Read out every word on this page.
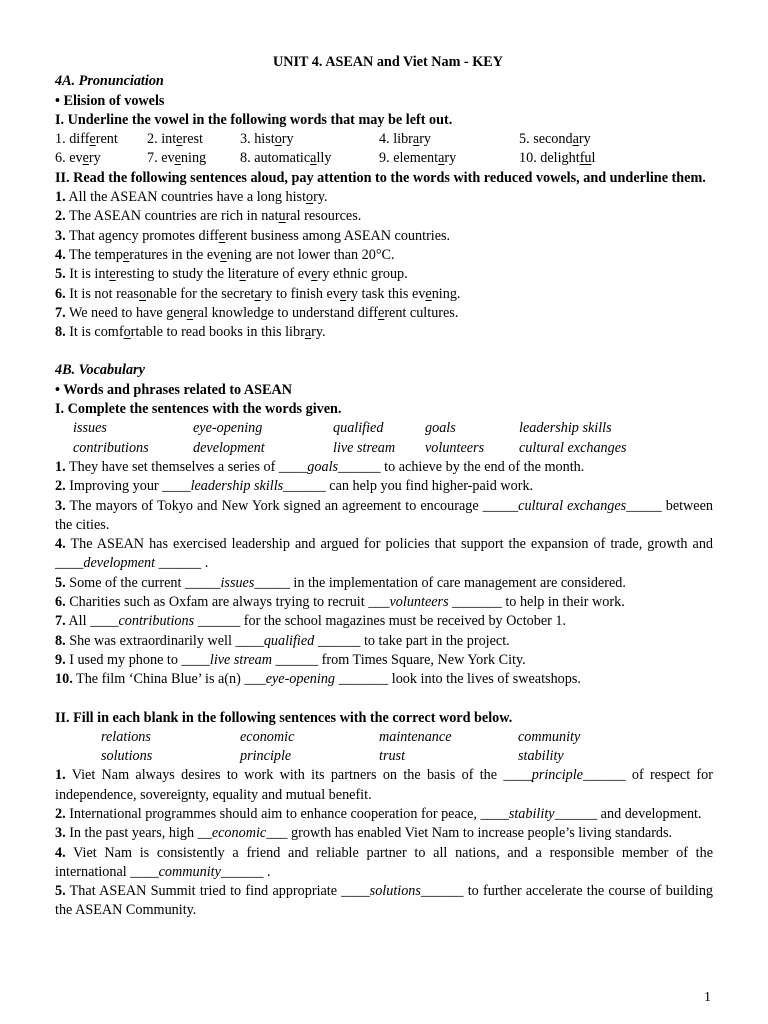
UNIT 4. ASEAN and Viet Nam - KEY
4A. Pronunciation
• Elision of vowels
I. Underline the vowel in the following words that may be left out.
1. different	2. interest	3. history	4. library	5. secondary
6. every	7. evening	8. automatically	9. elementary	10. delightful
II. Read the following sentences aloud, pay attention to the words with reduced vowels, and underline them.
1. All the ASEAN countries have a long history.
2. The ASEAN countries are rich in natural resources.
3. That agency promotes different business among ASEAN countries.
4. The temperatures in the evening are not lower than 20°C.
5. It is interesting to study the literature of every ethnic group.
6. It is not reasonable for the secretary to finish every task this evening.
7. We need to have general knowledge to understand different cultures.
8. It is comfortable to read books in this library.
4B. Vocabulary
• Words and phrases related to ASEAN
I. Complete the sentences with the words given.
issues	eye-opening	qualified	goals	leadership skills
contributions	development	live stream	volunteers	cultural exchanges
1. They have set themselves a series of ____goals______ to achieve by the end of the month.
2. Improving your ____leadership skills______ can help you find higher-paid work.
3. The mayors of Tokyo and New York signed an agreement to encourage _____cultural exchanges_____ between the cities.
4. The ASEAN has exercised leadership and argued for policies that support the expansion of trade, growth and ____development ______ .
5. Some of the current _____issues_____ in the implementation of care management are considered.
6. Charities such as Oxfam are always trying to recruit ___volunteers _______ to help in their work.
7. All ____contributions ______ for the school magazines must be received by October 1.
8. She was extraordinarily well ____qualified ______ to take part in the project.
9. I used my phone to ____live stream ______ from Times Square, New York City.
10. The film ‘China Blue’ is a(n) ___eye-opening _______ look into the lives of sweatshops.
II. Fill in each blank in the following sentences with the correct word below.
relations	economic	maintenance	community
solutions	principle	trust	stability
1. Viet Nam always desires to work with its partners on the basis of the ____principle______ of respect for independence, sovereignty, equality and mutual benefit.
2. International programmes should aim to enhance cooperation for peace, ____stability______ and development.
3. In the past years, high __economic___ growth has enabled Viet Nam to increase people’s living standards.
4. Viet Nam is consistently a friend and reliable partner to all nations, and a responsible member of the international ____community______ .
5. That ASEAN Summit tried to find appropriate ____solutions______ to further accelerate the course of building the ASEAN Community.
1
